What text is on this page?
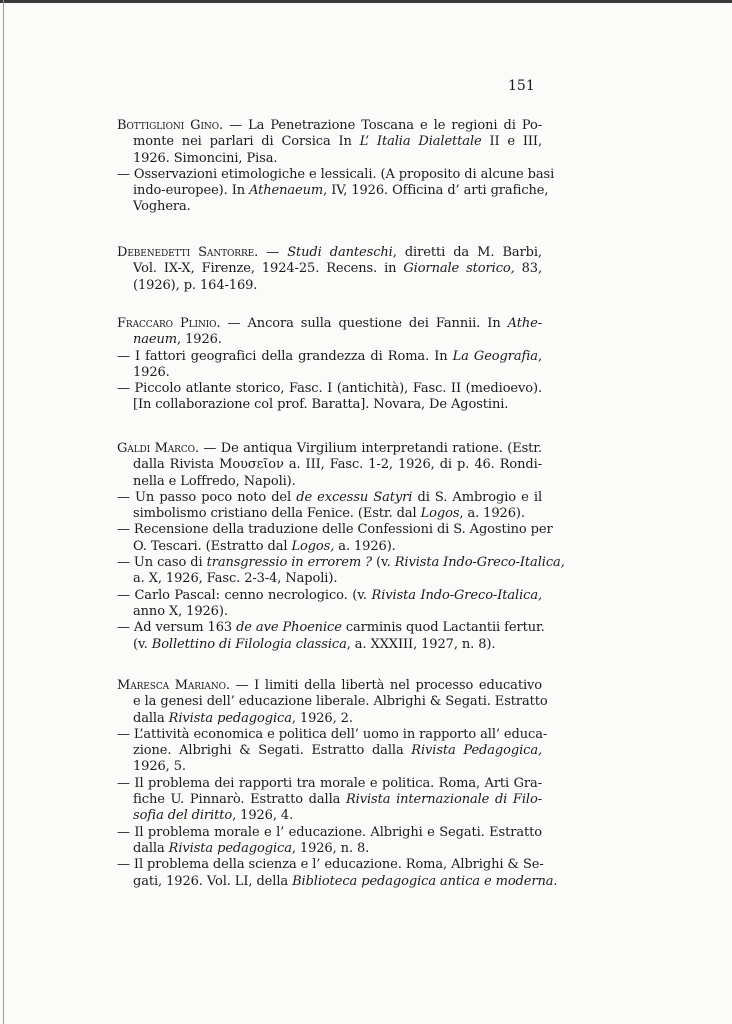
151
Bottiglioni Gino. — La Penetrazione Toscana e le regioni di Po-
monte nei parlari di Corsica In L’ Italia Dialettale II e III,
1926. Simoncini, Pisa.
— Osservazioni etimologiche e lessicali. (A proposito di alcune basi
indo-europee). In Athenaeum, IV, 1926. Officina d’ arti grafiche,
Voghera.
Debenedetti Santorre. — Studi danteschi, diretti da M. Barbi,
Vol. IX-X, Firenze, 1924-25. Recens. in Giornale storico, 83,
(1926), p. 164-169.
Fraccaro Plinio. — Ancora sulla questione dei Fannii. In Athe-
naeum, 1926.
— I fattori geografici della grandezza di Roma. In La Geografia,
1926.
— Piccolo atlante storico, Fasc. I (antichità), Fasc. II (medioevo).
[In collaborazione col prof. Baratta]. Novara, De Agostini.
Galdi Marco. — De antiqua Virgilium interpretandi ratione. (Estr.
dalla Rivista Μουσεῖον a. III, Fasc. 1-2, 1926, di p. 46. Rondi-
nella e Loffredo, Napoli).
— Un passo poco noto del de excessu Satyri di S. Ambrogio e il
simbolismo cristiano della Fenice. (Estr. dal Logos, a. 1926).
— Recensione della traduzione delle Confessioni di S. Agostino per
O. Tescari. (Estratto dal Logos, a. 1926).
— Un caso di transgressio in errorem ? (v. Rivista Indo-Greco-Italica,
a. X, 1926, Fasc. 2-3-4, Napoli).
— Carlo Pascal: cenno necrologico. (v. Rivista Indo-Greco-Italica,
anno X, 1926).
— Ad versum 163 de ave Phoenice carminis quod Lactantii fertur.
(v. Bollettino di Filologia classica, a. XXXIII, 1927, n. 8).
Maresca Mariano. — I limiti della libertà nel processo educativo
e la genesi dell’ educazione liberale. Albrighi & Segati. Estratto
dalla Rivista pedagogica, 1926, 2.
— L’attività economica e politica dell’ uomo in rapporto all’ educa-
zione. Albrighi & Segati. Estratto dalla Rivista Pedagogica,
1926, 5.
— Il problema dei rapporti tra morale e politica. Roma, Arti Gra-
fiche U. Pinnarò. Estratto dalla Rivista internazionale di Filo-
sofia del diritto, 1926, 4.
— Il problema morale e l’ educazione. Albrighi e Segati. Estratto
dalla Rivista pedagogica, 1926, n. 8.
— Il problema della scienza e l’ educazione. Roma, Albrighi & Se-
gati, 1926. Vol. LI, della Biblioteca pedagogica antica e moderna.
